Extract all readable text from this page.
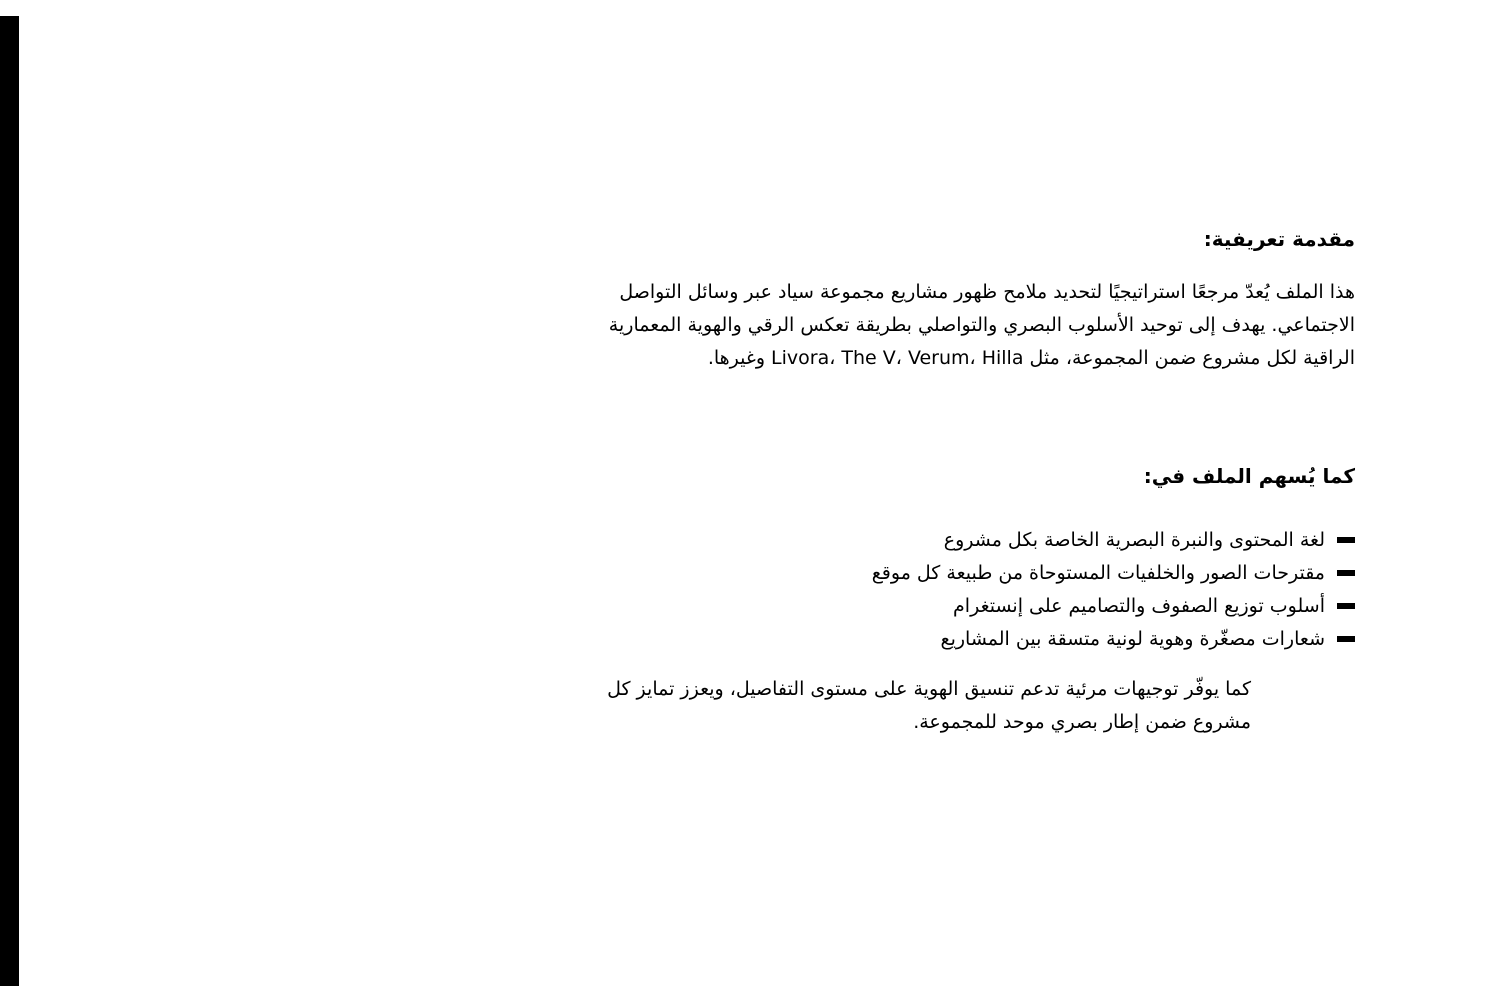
مقدمة تعريفية:

هذا الملف يُعدّ مرجعًا استراتيجيًا لتحديد ملامح ظهور مشاريع مجموعة سياد عبر وسائل التواصل الاجتماعي. يهدف إلى توحيد الأسلوب البصري والتواصلي بطريقة تعكس الرقي والهوية المعمارية الراقية لكل مشروع ضمن المجموعة، مثل Livora، The V، Verum، Hilla وغيرها.

كما يُسهم الملف في:
لغة المحتوى والنبرة البصرية الخاصة بكل مشروع
مقترحات الصور والخلفيات المستوحاة من طبيعة كل موقع
أسلوب توزيع الصفوف والتصاميم على إنستغرام
شعارات مصغّرة وهوية لونية متسقة بين المشاريع

كما يوفّر توجيهات مرئية تدعم تنسيق الهوية على مستوى التفاصيل، ويعزز تمايز كل مشروع ضمن إطار بصري موحد للمجموعة.
